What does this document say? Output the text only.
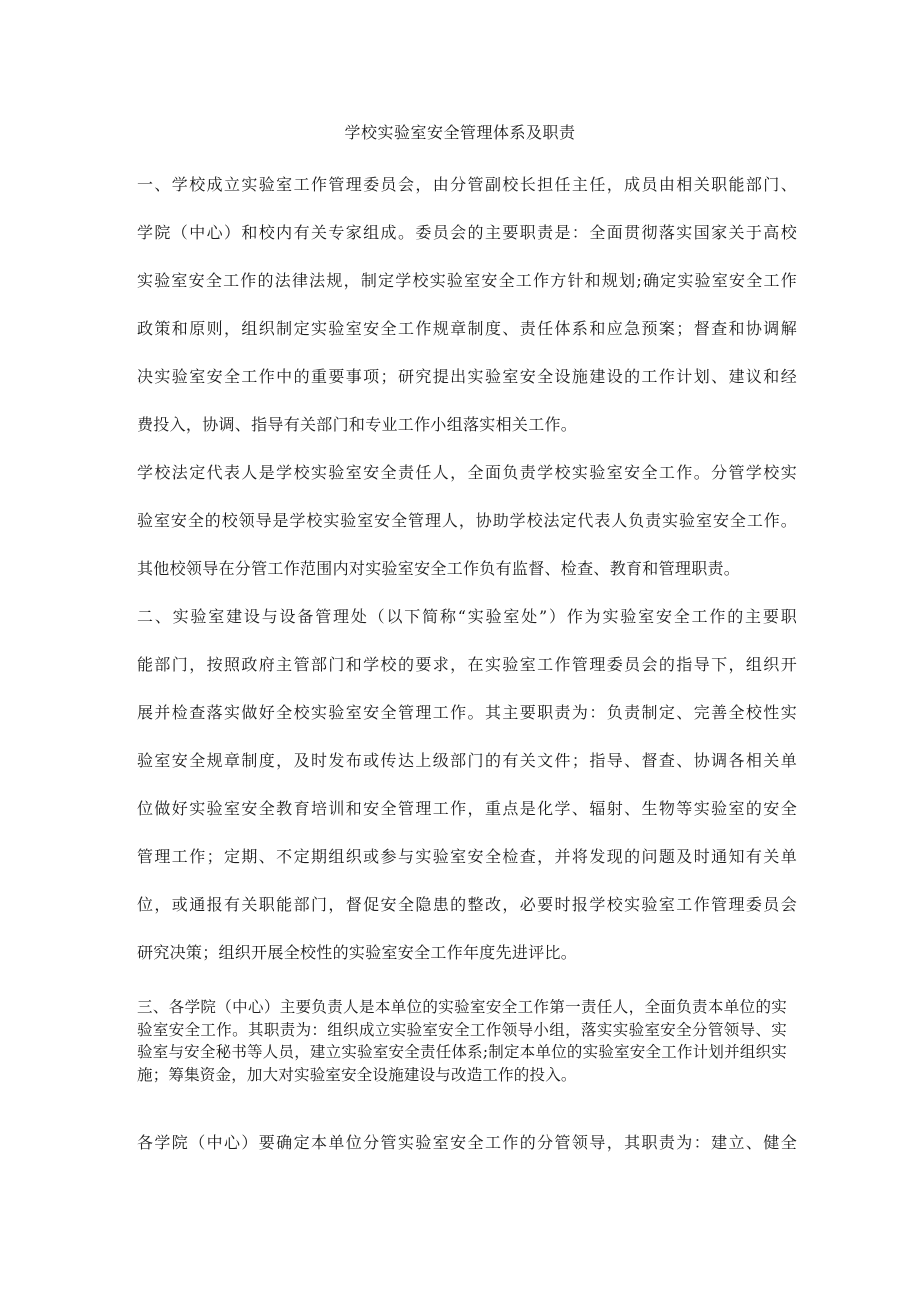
学校实验室安全管理体系及职责
一、学校成立实验室工作管理委员会，由分管副校长担任主任，成员由相关职能部门、
学院（中心）和校内有关专家组成。委员会的主要职责是：全面贯彻落实国家关于高校
实验室安全工作的法律法规，制定学校实验室安全工作方针和规划;确定实验室安全工作
政策和原则，组织制定实验室安全工作规章制度、责任体系和应急预案；督查和协调解
决实验室安全工作中的重要事项；研究提出实验室安全设施建设的工作计划、建议和经
费投入，协调、指导有关部门和专业工作小组落实相关工作。
学校法定代表人是学校实验室安全责任人，全面负责学校实验室安全工作。分管学校实
验室安全的校领导是学校实验室安全管理人，协助学校法定代表人负责实验室安全工作。
其他校领导在分管工作范围内对实验室安全工作负有监督、检查、教育和管理职责。
二、实验室建设与设备管理处（以下简称“实验室处”）作为实验室安全工作的主要职
能部门，按照政府主管部门和学校的要求，在实验室工作管理委员会的指导下，组织开
展并检查落实做好全校实验室安全管理工作。其主要职责为：负责制定、完善全校性实
验室安全规章制度，及时发布或传达上级部门的有关文件；指导、督查、协调各相关单
位做好实验室安全教育培训和安全管理工作，重点是化学、辐射、生物等实验室的安全
管理工作；定期、不定期组织或参与实验室安全检查，并将发现的问题及时通知有关单
位，或通报有关职能部门，督促安全隐患的整改，必要时报学校实验室工作管理委员会
研究决策；组织开展全校性的实验室安全工作年度先进评比。
三、各学院（中心）主要负责人是本单位的实验室安全工作第一责任人，全面负责本单位的实验室安全工作。其职责为：组织成立实验室安全工作领导小组，落实实验室安全分管领导、实验室与安全秘书等人员，建立实验室安全责任体系;制定本单位的实验室安全工作计划并组织实施；筹集资金，加大对实验室安全设施建设与改造工作的投入。
各学院（中心）要确定本单位分管实验室安全工作的分管领导，其职责为：建立、健全
